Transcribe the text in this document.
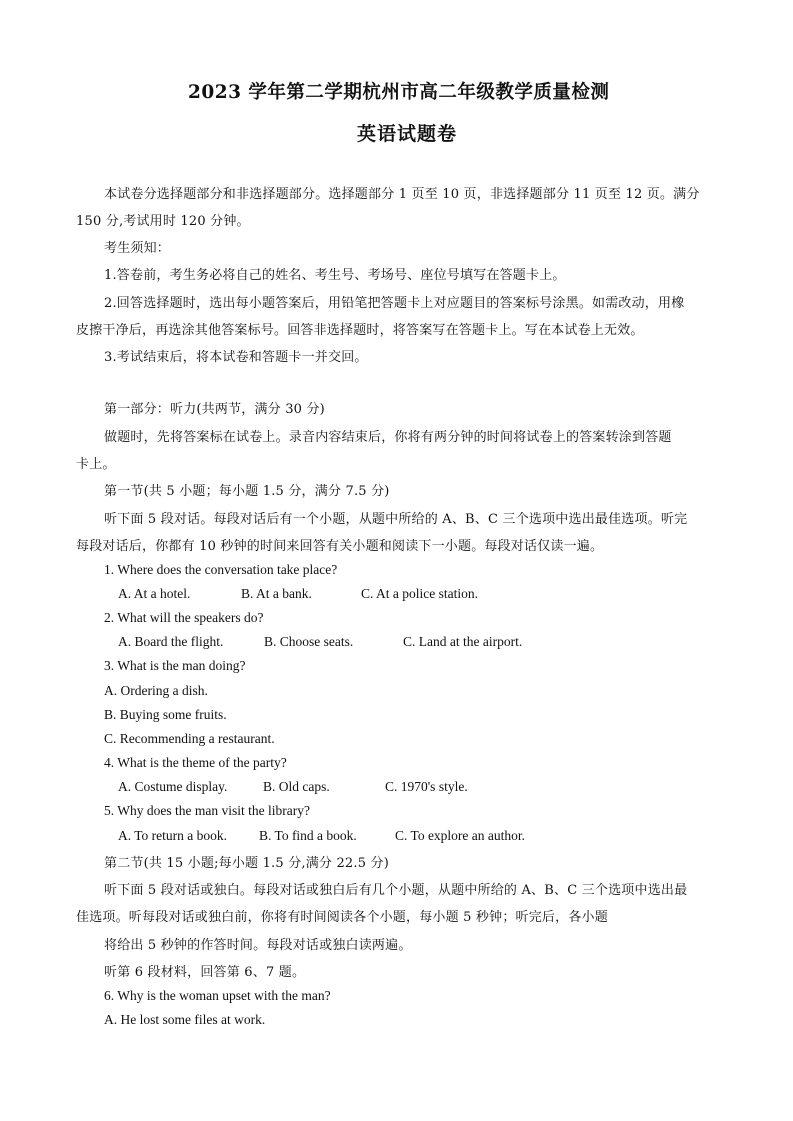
2023 学年第二学期杭州市高二年级教学质量检测
英语试题卷
本试卷分选择题部分和非选择题部分。选择题部分 1 页至 10 页，非选择题部分 11 页至 12 页。满分
150 分,考试用时 120 分钟。
考生须知：
1.答卷前，考生务必将自己的姓名、考生号、考场号、座位号填写在答题卡上。
2.回答选择题时，选出每小题答案后，用铅笔把答题卡上对应题目的答案标号涂黑。如需改动，用橡
皮擦干净后，再选涂其他答案标号。回答非选择题时，将答案写在答题卡上。写在本试卷上无效。
3.考试结束后，将本试卷和答题卡一并交回。
第一部分：听力(共两节，满分 30 分)
做题时，先将答案标在试卷上。录音内容结束后，你将有两分钟的时间将试卷上的答案转涂到答题
卡上。
第一节(共 5 小题；每小题 1.5 分，满分 7.5 分)
听下面 5 段对话。每段对话后有一个小题，从题中所给的 A、B、C 三个选项中选出最佳选项。听完
每段对话后，你都有 10 秒钟的时间来回答有关小题和阅读下一小题。每段对话仅读一遍。
1. Where does the conversation take place?
A. At a hotel.	B. At a bank.	C. At a police station.
2. What will the speakers do?
A. Board the flight.	B. Choose seats.	C. Land at the airport.
3. What is the man doing?
A. Ordering a dish.
B. Buying some fruits.
C. Recommending a restaurant.
4. What is the theme of the party?
A. Costume display.	B. Old caps.	C. 1970's style.
5. Why does the man visit the library?
A. To return a book. B. To find a book.	C. To explore an author.
第二节(共 15 小题;每小题 1.5 分,满分 22.5 分)
听下面 5 段对话或独白。每段对话或独白后有几个小题，从题中所给的 A、B、C 三个选项中选出最
佳选项。听每段对话或独白前，你将有时间阅读各个小题，每小题 5 秒钟；听完后，各小题
将给出 5 秒钟的作答时间。每段对话或独白读两遍。
听第 6 段材料，回答第 6、7 题。
6. Why is the woman upset with the man?
A. He lost some files at work.
